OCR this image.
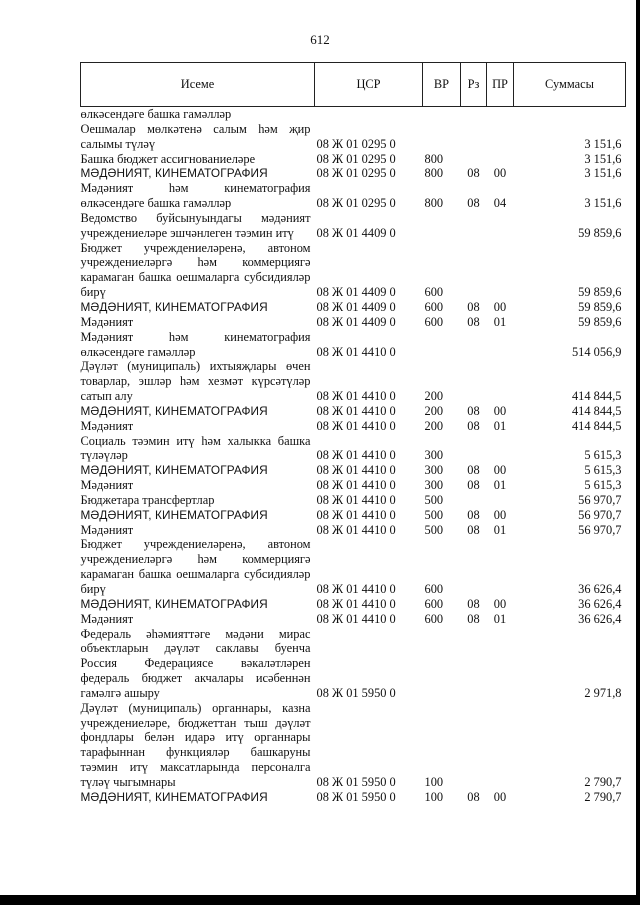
612
Исеме	ЦСР	ВР	Рз	ПР	Суммасы
өлкәсендәге башка гамәлләр					
Оешмалар мөлкәтенә салым һәм җир салымы түләү	08 Ж 01 0295 0				3 151,6
Башка бюджет ассигнованиеләре	08 Ж 01 0295 0	800			3 151,6
МӘДӘНИЯТ, КИНЕМАТОГРАФИЯ	08 Ж 01 0295 0	800	08	00	3 151,6
Мәдәният һәм кинематография өлкәсендәге башка гамәлләр	08 Ж 01 0295 0	800	08	04	3 151,6
Ведомство буйсынуындагы мәдәният учреждениеләре эшчәнлеген тәэмин итү	08 Ж 01 4409 0				59 859,6
Бюджет учреждениеләренә, автоном учреждениеләргә һәм коммерциягә карамаган башка оешмаларга субсидияләр бирү	08 Ж 01 4409 0	600			59 859,6
МӘДӘНИЯТ, КИНЕМАТОГРАФИЯ	08 Ж 01 4409 0	600	08	00	59 859,6
Мәдәният	08 Ж 01 4409 0	600	08	01	59 859,6
Мәдәният һәм кинематография өлкәсендәге гамәлләр	08 Ж 01 4410 0				514 056,9
Дәүләт (муниципаль) ихтыяҗлары өчен товарлар, эшләр һәм хезмәт күрсәтүләр сатып алу	08 Ж 01 4410 0	200			414 844,5
МӘДӘНИЯТ, КИНЕМАТОГРАФИЯ	08 Ж 01 4410 0	200	08	00	414 844,5
Мәдәният	08 Ж 01 4410 0	200	08	01	414 844,5
Социаль тәэмин итү һәм халыкка башка түләүләр	08 Ж 01 4410 0	300			5 615,3
МӘДӘНИЯТ, КИНЕМАТОГРАФИЯ	08 Ж 01 4410 0	300	08	00	5 615,3
Мәдәният	08 Ж 01 4410 0	300	08	01	5 615,3
Бюджетара трансфертлар	08 Ж 01 4410 0	500			56 970,7
МӘДӘНИЯТ, КИНЕМАТОГРАФИЯ	08 Ж 01 4410 0	500	08	00	56 970,7
Мәдәният	08 Ж 01 4410 0	500	08	01	56 970,7
Бюджет учреждениеләренә, автоном учреждениеләргә һәм коммерциягә карамаган башка оешмаларга субсидияләр бирү	08 Ж 01 4410 0	600			36 626,4
МӘДӘНИЯТ, КИНЕМАТОГРАФИЯ	08 Ж 01 4410 0	600	08	00	36 626,4
Мәдәният	08 Ж 01 4410 0	600	08	01	36 626,4
Федераль әһәмияттәге мәдәни мирас объектларын дәүләт саклавы буенча Россия Федерациясе вәкаләтләрен федераль бюджет акчалары исәбеннән гамәлгә ашыру	08 Ж 01 5950 0				2 971,8
Дәүләт (муниципаль) органнары, казна учреждениеләре, бюджеттан тыш дәүләт фондлары белән идарә итү органнары тарафыннан функцияләр башкаруны тәэмин итү максатларында персоналга түләү чыгымнары	08 Ж 01 5950 0	100			2 790,7
МӘДӘНИЯТ, КИНЕМАТОГРАФИЯ	08 Ж 01 5950 0	100	08	00	2 790,7
